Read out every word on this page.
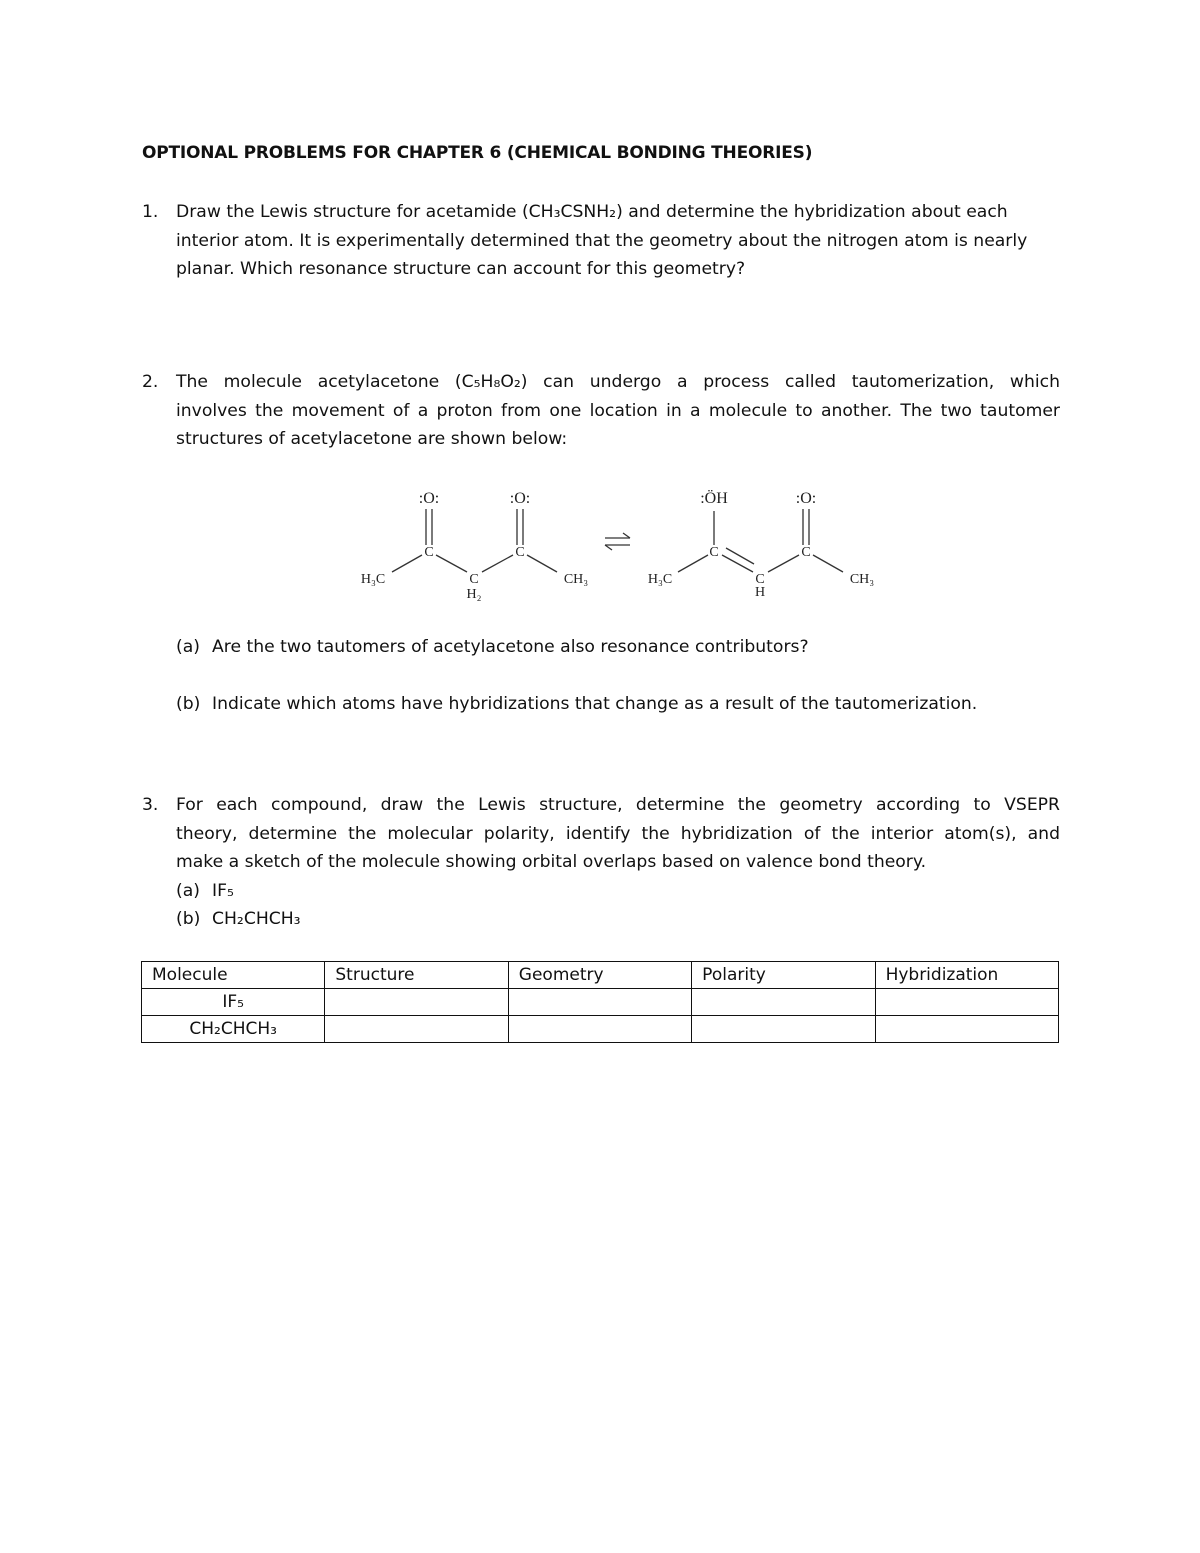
OPTIONAL PROBLEMS FOR CHAPTER 6 (CHEMICAL BONDING THEORIES)
1. Draw the Lewis structure for acetamide (CH₃CSNH₂) and determine the hybridization about each
interior atom. It is experimentally determined that the geometry about the nitrogen atom is nearly
planar. Which resonance structure can account for this geometry?
2. The molecule acetylacetone (C₅H₈O₂) can undergo a process called tautomerization, which
involves the movement of a proton from one location in a molecule to another. The two tautomer
structures of acetylacetone are shown below:
:O:	:O:
C	C
C
H₂
H₃C	CH₃
:ÖH	:O:
C	C
C
H
H₃C	CH₃
(a) Are the two tautomers of acetylacetone also resonance contributors?
(b) Indicate which atoms have hybridizations that change as a result of the tautomerization.
3. For each compound, draw the Lewis structure, determine the geometry according to VSEPR
theory, determine the molecular polarity, identify the hybridization of the interior atom(s), and
make a sketch of the molecule showing orbital overlaps based on valence bond theory.
(a) IF₅
(b) CH₂CHCH₃
Molecule	Structure	Geometry	Polarity	Hybridization
IF₅				
CH₂CHCH₃				
